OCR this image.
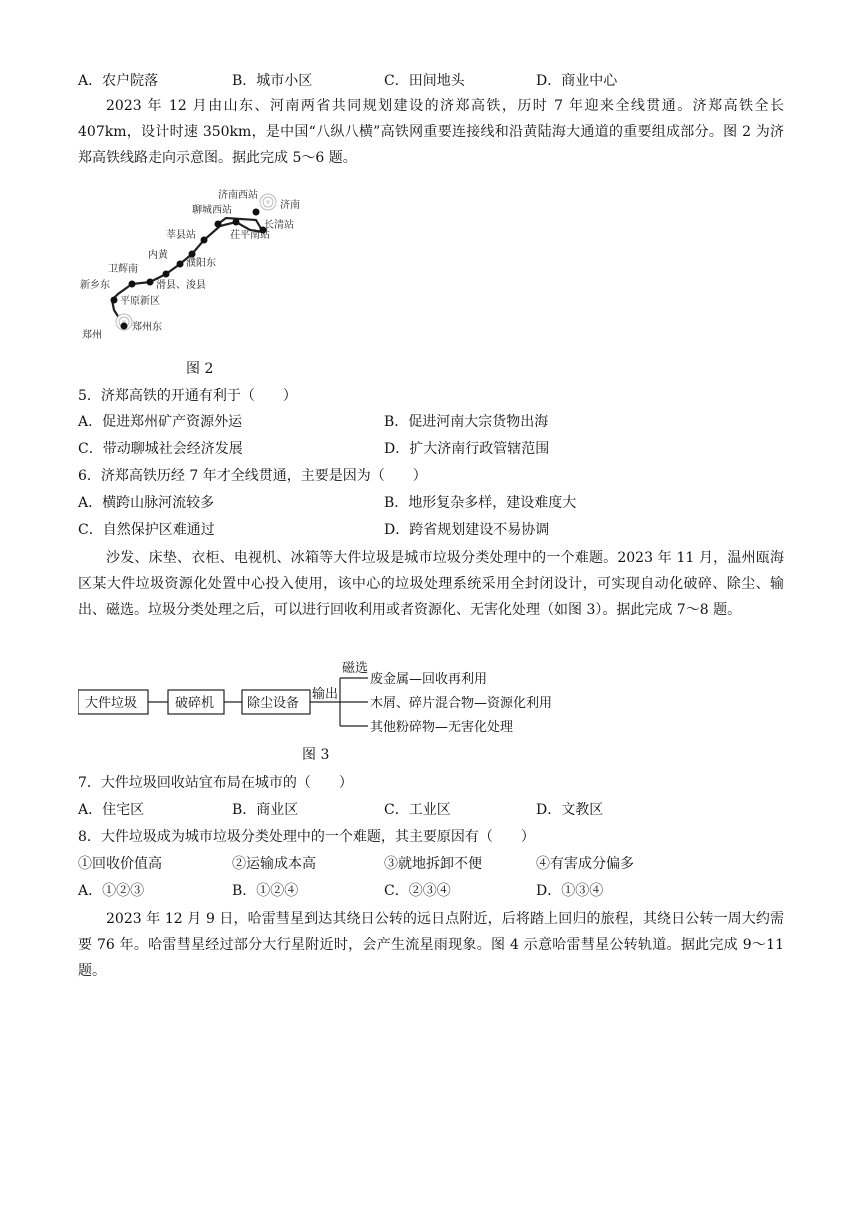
A．农户院落	B．城市小区	C．田间地头	D．商业中心
2023 年 12 月由山东、河南两省共同规划建设的济郑高铁，历时 7 年迎来全线贯通。济郑高铁全长 407km，设计时速 350km，是中国“八纵八横”高铁网重要连接线和沿黄陆海大通道的重要组成部分。图 2 为济郑高铁线路走向示意图。据此完成 5～6 题。
济南西站
济南
聊城西站
长清站
莘县站	茌平南站
内黄
濮阳东
卫辉南
滑县、浚县
新乡东
平原新区
郑州
郑州东
图 2
5．济郑高铁的开通有利于（　　）
A．促进郑州矿产资源外运	B．促进河南大宗货物出海
C．带动聊城社会经济发展	D．扩大济南行政管辖范围
6．济郑高铁历经 7 年才全线贯通，主要是因为（　　）
A．横跨山脉河流较多	B．地形复杂多样，建设难度大
C．自然保护区难通过	D．跨省规划建设不易协调
沙发、床垫、衣柜、电视机、冰箱等大件垃圾是城市垃圾分类处理中的一个难题。2023 年 11 月，温州瓯海区某大件垃圾资源化处置中心投入使用，该中心的垃圾处理系统采用全封闭设计，可实现自动化破碎、除尘、输出、磁选。垃圾分类处理之后，可以进行回收利用或者资源化、无害化处理（如图 3）。据此完成 7～8 题。
大件垃圾	破碎机	除尘设备
输出
磁选
废金属—回收再利用
木屑、碎片混合物—资源化利用
其他粉碎物—无害化处理
图 3
7．大件垃圾回收站宜布局在城市的（　　）
A．住宅区	B．商业区	C．工业区	D．文教区
8．大件垃圾成为城市垃圾分类处理中的一个难题，其主要原因有（　　）
①回收价值高	②运输成本高	③就地拆卸不便	④有害成分偏多
A．①②③	B．①②④	C．②③④	D．①③④
2023 年 12 月 9 日，哈雷彗星到达其绕日公转的远日点附近，后将踏上回归的旅程，其绕日公转一周大约需要 76 年。哈雷彗星经过部分大行星附近时，会产生流星雨现象。图 4 示意哈雷彗星公转轨道。据此完成 9～11 题。
